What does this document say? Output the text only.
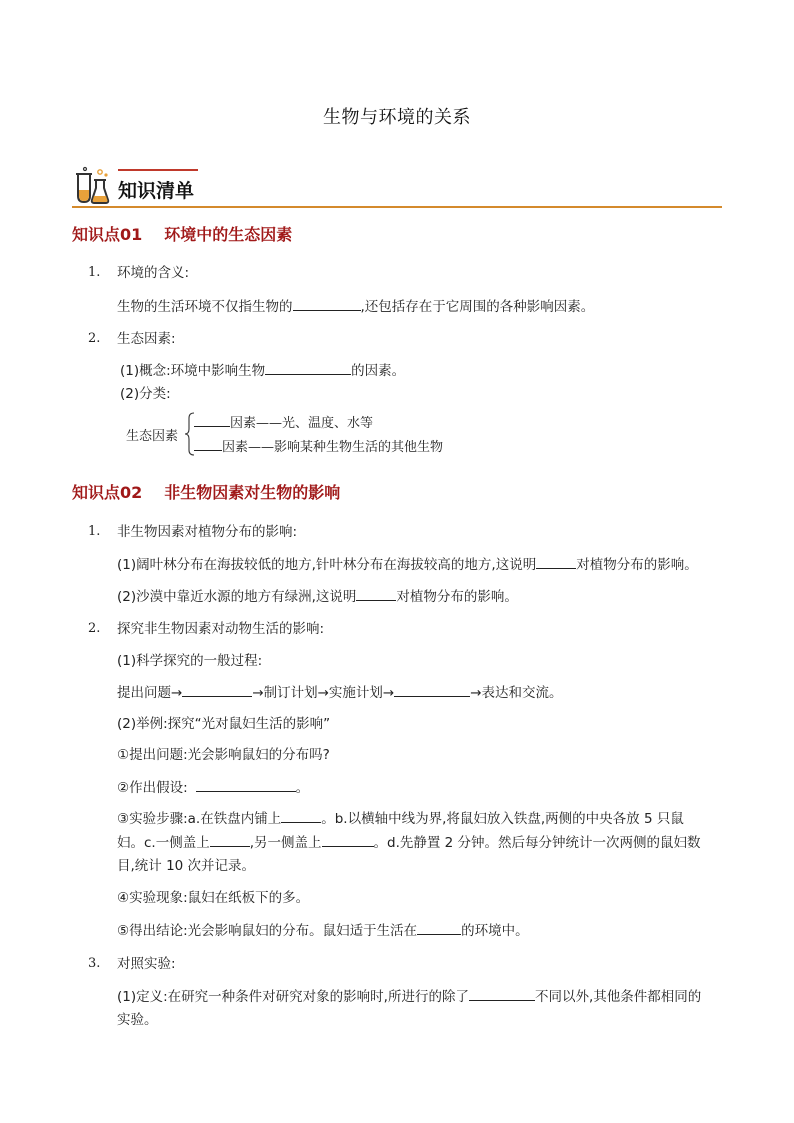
生物与环境的关系
知识清单
知识点01 环境中的生态因素
1. 环境的含义:
生物的生活环境不仅指生物的	,还包括存在于它周围的各种影响因素。
2. 生态因素:
(1)概念:环境中影响生物	的因素。
(2)分类:
生态因素
因素——光、温度、水等
因素——影响某种生物生活的其他生物
知识点02 非生物因素对生物的影响
1. 非生物因素对植物分布的影响:
(1)阔叶林分布在海拔较低的地方,针叶林分布在海拔较高的地方,这说明	对植物分布的影响。
(2)沙漠中靠近水源的地方有绿洲,这说明	对植物分布的影响。
2. 探究非生物因素对动物生活的影响:
(1)科学探究的一般过程:
提出问题→	→制订计划→实施计划→	→表达和交流。
(2)举例:探究“光对鼠妇生活的影响”
①提出问题:光会影响鼠妇的分布吗?
②作出假设:	。
③实验步骤:a.在铁盘内铺上	。b.以横轴中线为界,将鼠妇放入铁盘,两侧的中央各放 5 只鼠
妇。c.一侧盖上	,另一侧盖上	。d.先静置 2 分钟。然后每分钟统计一次两侧的鼠妇数
目,统计 10 次并记录。
④实验现象:鼠妇在纸板下的多。
⑤得出结论:光会影响鼠妇的分布。鼠妇适于生活在	的环境中。
3. 对照实验:
(1)定义:在研究一种条件对研究对象的影响时,所进行的除了	不同以外,其他条件都相同的
实验。
